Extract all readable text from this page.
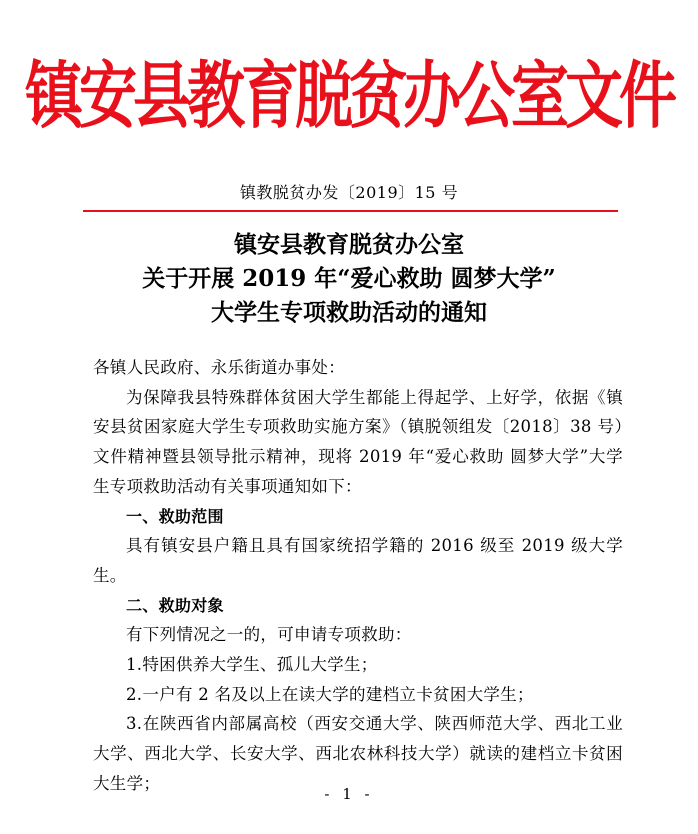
镇安县教育脱贫办公室文件
镇教脱贫办发〔2019〕15 号
镇安县教育脱贫办公室
关于开展 2019 年“爱心救助 圆梦大学”
大学生专项救助活动的通知

各镇人民政府、永乐街道办事处：

为保障我县特殊群体贫困大学生都能上得起学、上好学，依据《镇安县贫困家庭大学生专项救助实施方案》（镇脱领组发〔2018〕38 号）文件精神暨县领导批示精神，现将 2019 年“爱心救助 圆梦大学”大学生专项救助活动有关事项通知如下：

一、救助范围

具有镇安县户籍且具有国家统招学籍的 2016 级至 2019 级大学生。

二、救助对象

有下列情况之一的，可申请专项救助：

1.特困供养大学生、孤儿大学生；

2.一户有 2 名及以上在读大学的建档立卡贫困大学生；

3.在陕西省内部属高校（西安交通大学、陕西师范大学、西北工业大学、西北大学、长安大学、西北农林科技大学）就读的建档立卡贫困大生学；

- 1 -
